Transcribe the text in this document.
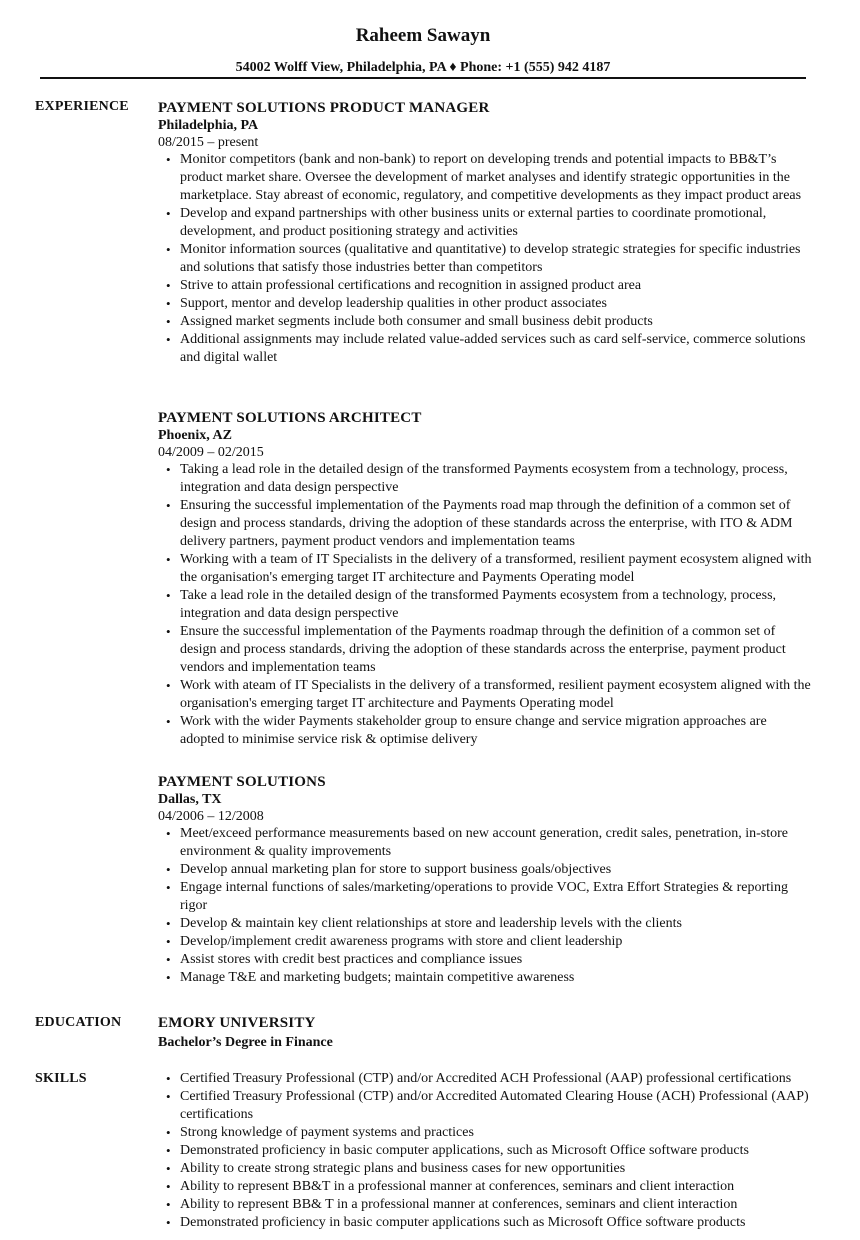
Raheem Sawayn
54002 Wolff View, Philadelphia, PA ♦ Phone: +1 (555) 942 4187
EXPERIENCE PAYMENT SOLUTIONS PRODUCT MANAGER
Philadelphia, PA
08/2015 – present
• Monitor competitors (bank and non-bank) to report on developing trends and potential impacts to BB&T’s product market share. Oversee the development of market analyses and identify strategic opportunities in the marketplace. Stay abreast of economic, regulatory, and competitive developments as they impact product areas
• Develop and expand partnerships with other business units or external parties to coordinate promotional, development, and product positioning strategy and activities
• Monitor information sources (qualitative and quantitative) to develop strategic strategies for specific industries and solutions that satisfy those industries better than competitors
• Strive to attain professional certifications and recognition in assigned product area
• Support, mentor and develop leadership qualities in other product associates
• Assigned market segments include both consumer and small business debit products
• Additional assignments may include related value-added services such as card self-service, commerce solutions and digital wallet
PAYMENT SOLUTIONS ARCHITECT
Phoenix, AZ
04/2009 – 02/2015
• Taking a lead role in the detailed design of the transformed Payments ecosystem from a technology, process, integration and data design perspective
• Ensuring the successful implementation of the Payments road map through the definition of a common set of design and process standards, driving the adoption of these standards across the enterprise, with ITO & ADM delivery partners, payment product vendors and implementation teams
• Working with a team of IT Specialists in the delivery of a transformed, resilient payment ecosystem aligned with the organisation's emerging target IT architecture and Payments Operating model
• Take a lead role in the detailed design of the transformed Payments ecosystem from a technology, process, integration and data design perspective
• Ensure the successful implementation of the Payments roadmap through the definition of a common set of design and process standards, driving the adoption of these standards across the enterprise, payment product vendors and implementation teams
• Work with ateam of IT Specialists in the delivery of a transformed, resilient payment ecosystem aligned with the organisation's emerging target IT architecture and Payments Operating model
• Work with the wider Payments stakeholder group to ensure change and service migration approaches are adopted to minimise service risk & optimise delivery
PAYMENT SOLUTIONS
Dallas, TX
04/2006 – 12/2008
• Meet/exceed performance measurements based on new account generation, credit sales, penetration, in-store environment & quality improvements
• Develop annual marketing plan for store to support business goals/objectives
• Engage internal functions of sales/marketing/operations to provide VOC, Extra Effort Strategies & reporting rigor
• Develop & maintain key client relationships at store and leadership levels with the clients
• Develop/implement credit awareness programs with store and client leadership
• Assist stores with credit best practices and compliance issues
• Manage T&E and marketing budgets; maintain competitive awareness
EDUCATION EMORY UNIVERSITY
Bachelor’s Degree in Finance
SKILLS
•	Certified Treasury Professional (CTP) and/or Accredited ACH Professional (AAP) professional certifications
• Certified Treasury Professional (CTP) and/or Accredited Automated Clearing House (ACH) Professional (AAP) certifications
• Strong knowledge of payment systems and practices
• Demonstrated proficiency in basic computer applications, such as Microsoft Office software products
• Ability to create strong strategic plans and business cases for new opportunities
• Ability to represent BB&T in a professional manner at conferences, seminars and client interaction
• Ability to represent BB& T in a professional manner at conferences, seminars and client interaction
• Demonstrated proficiency in basic computer applications such as Microsoft Office software products
